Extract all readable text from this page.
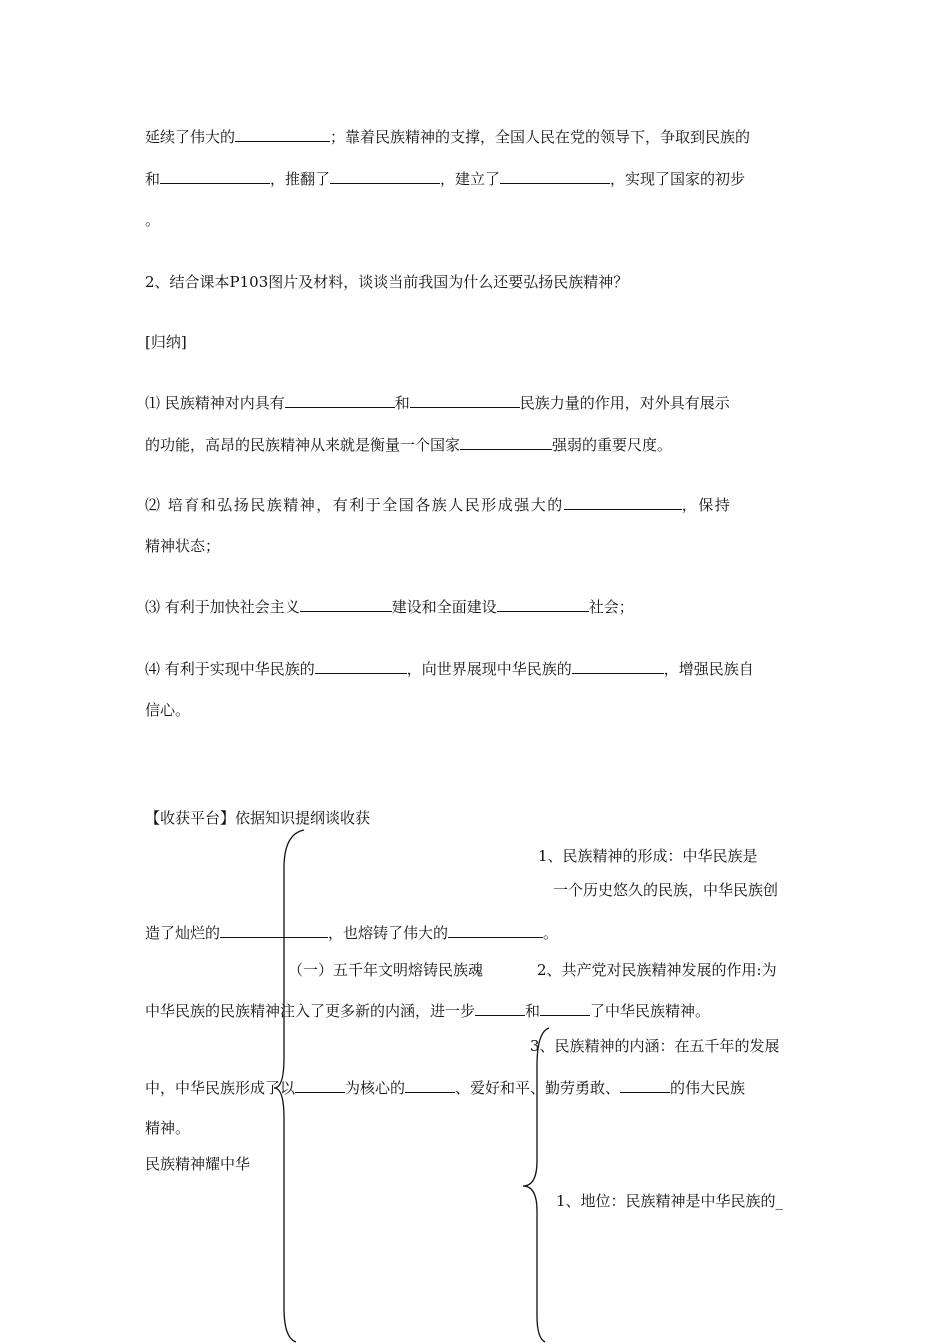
延续了伟大的	；靠着民族精神的支撑，全国人民在党的领导下，争取到民族的
和	，推翻了	，建立了	，实现了国家的初步
。
2、结合课本P103图片及材料，谈谈当前我国为什么还要弘扬民族精神？
[归纳]
⑴ 民族精神对内具有	和	民族力量的作用，对外具有展示
的功能，高昂的民族精神从来就是衡量一个国家	强弱的重要尺度。
⑵ 培育和弘扬民族精神，有利于全国各族人民形成强大的	，保持
精神状态；
⑶ 有利于加快社会主义	建设和全面建设	社会；
⑷ 有利于实现中华民族的	，向世界展现中华民族的	，增强民族自
信心。
【收获平台】依据知识提纲谈收获
1、民族精神的形成：中华民族是
一个历史悠久的民族，中华民族创
造了灿烂的	，也熔铸了伟大的	。
（一）五千年文明熔铸民族魂	2、共产党对民族精神发展的作用:为
中华民族的民族精神注入了更多新的内涵，进一步	和	了中华民族精神。
3、民族精神的内涵：在五千年的发展
中，中华民族形成了以	为核心的	、爱好和平、勤劳勇敢、	的伟大民族
精神。
民族精神耀中华
1、地位：民族精神是中华民族的_
